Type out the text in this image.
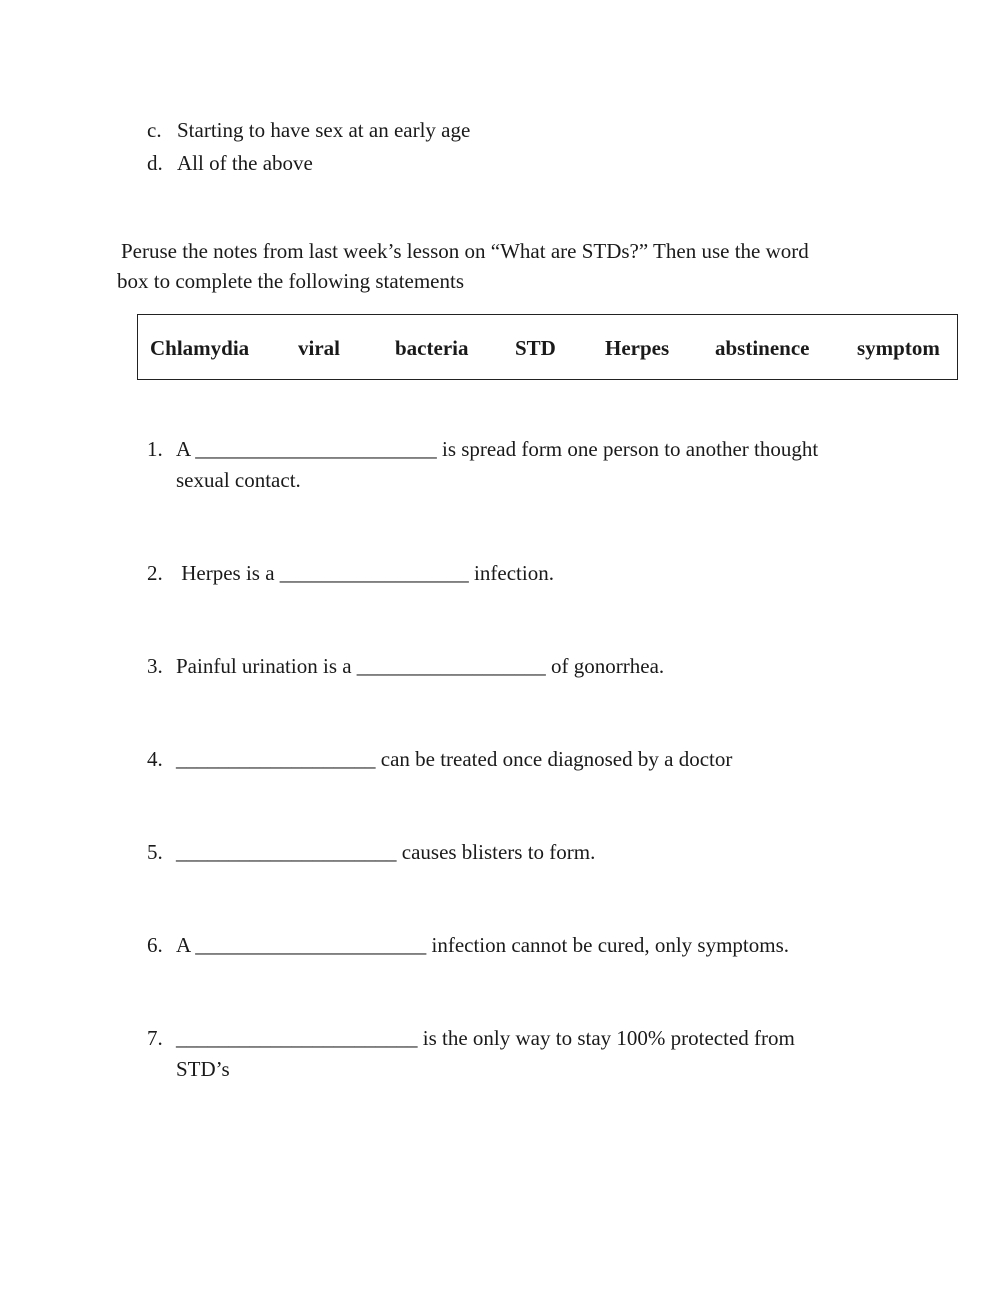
c. Starting to have sex at an early age
d. All of the above
Peruse the notes from last week’s lesson on “What are STDs?” Then use the word
box to complete the following statements
Chlamydia viral	bacteria STD Herpes abstinence symptom
1. A _______________________ is spread form one person to another thought
sexual contact.
2. Herpes is a __________________ infection.
3. Painful urination is a __________________ of gonorrhea.
4. ___________________ can be treated once diagnosed by a doctor
5. _____________________ causes blisters to form.
6. A ______________________ infection cannot be cured, only symptoms.
7. _______________________ is the only way to stay 100% protected from
STD’s
